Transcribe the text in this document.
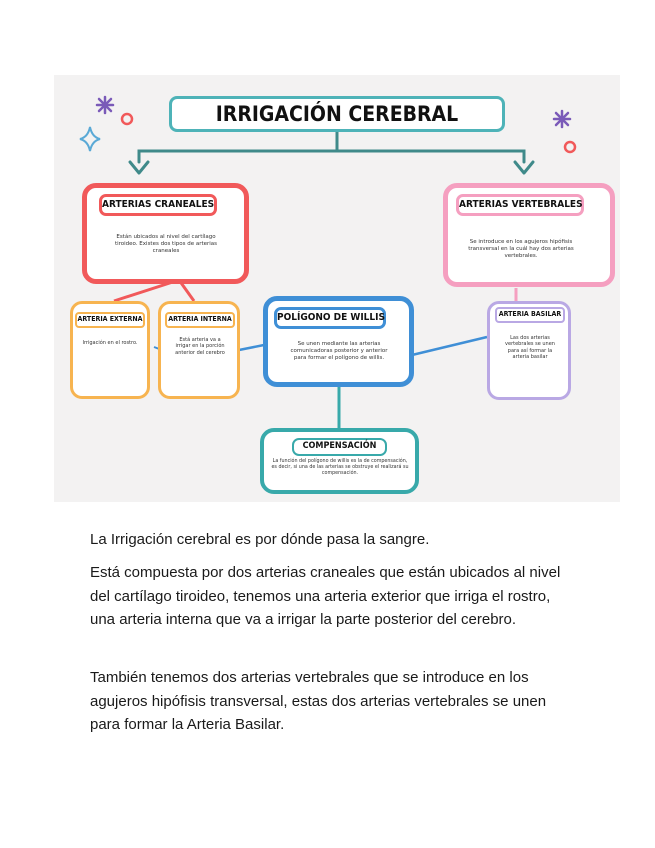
IRRIGACIÓN CEREBRAL
ARTERIAS CRANEALES
Están ubicados al nivel del cartílago tiroideo. Existes dos tipos de arterias craneales
ARTERIAS VERTEBRALES
Se introduce en los agujeros hipófisis transversal en la cuál hay dos arterias vertebrales.
ARTERIA EXTERNA
Irrigación en el rostro.
ARTERIA INTERNA
Está arteria va a irrigar en la porción anterior del cerebro
POLÍGONO DE WILLIS
Se unen mediante las arterias comunicadoras posterior y anterior para formar el polígono de willis.
ARTERIA BASILAR
Las dos arterias vertebrales se unen para así formar la arteria basilar
COMPENSACIÓN
La función del polígono de willis es la de compensación, es decir, si una de las arterias se obstruye el realizará su compensación.

La Irrigación cerebral es por dónde pasa la sangre.

Está compuesta por dos arterias craneales que están ubicados al nivel del cartílago tiroideo, tenemos una arteria exterior que irriga el rostro, una arteria interna que va a irrigar la parte posterior del cerebro.

También tenemos dos arterias vertebrales que se introduce en los agujeros hipófisis transversal, estas dos arterias vertebrales se unen para formar la Arteria Basilar.
